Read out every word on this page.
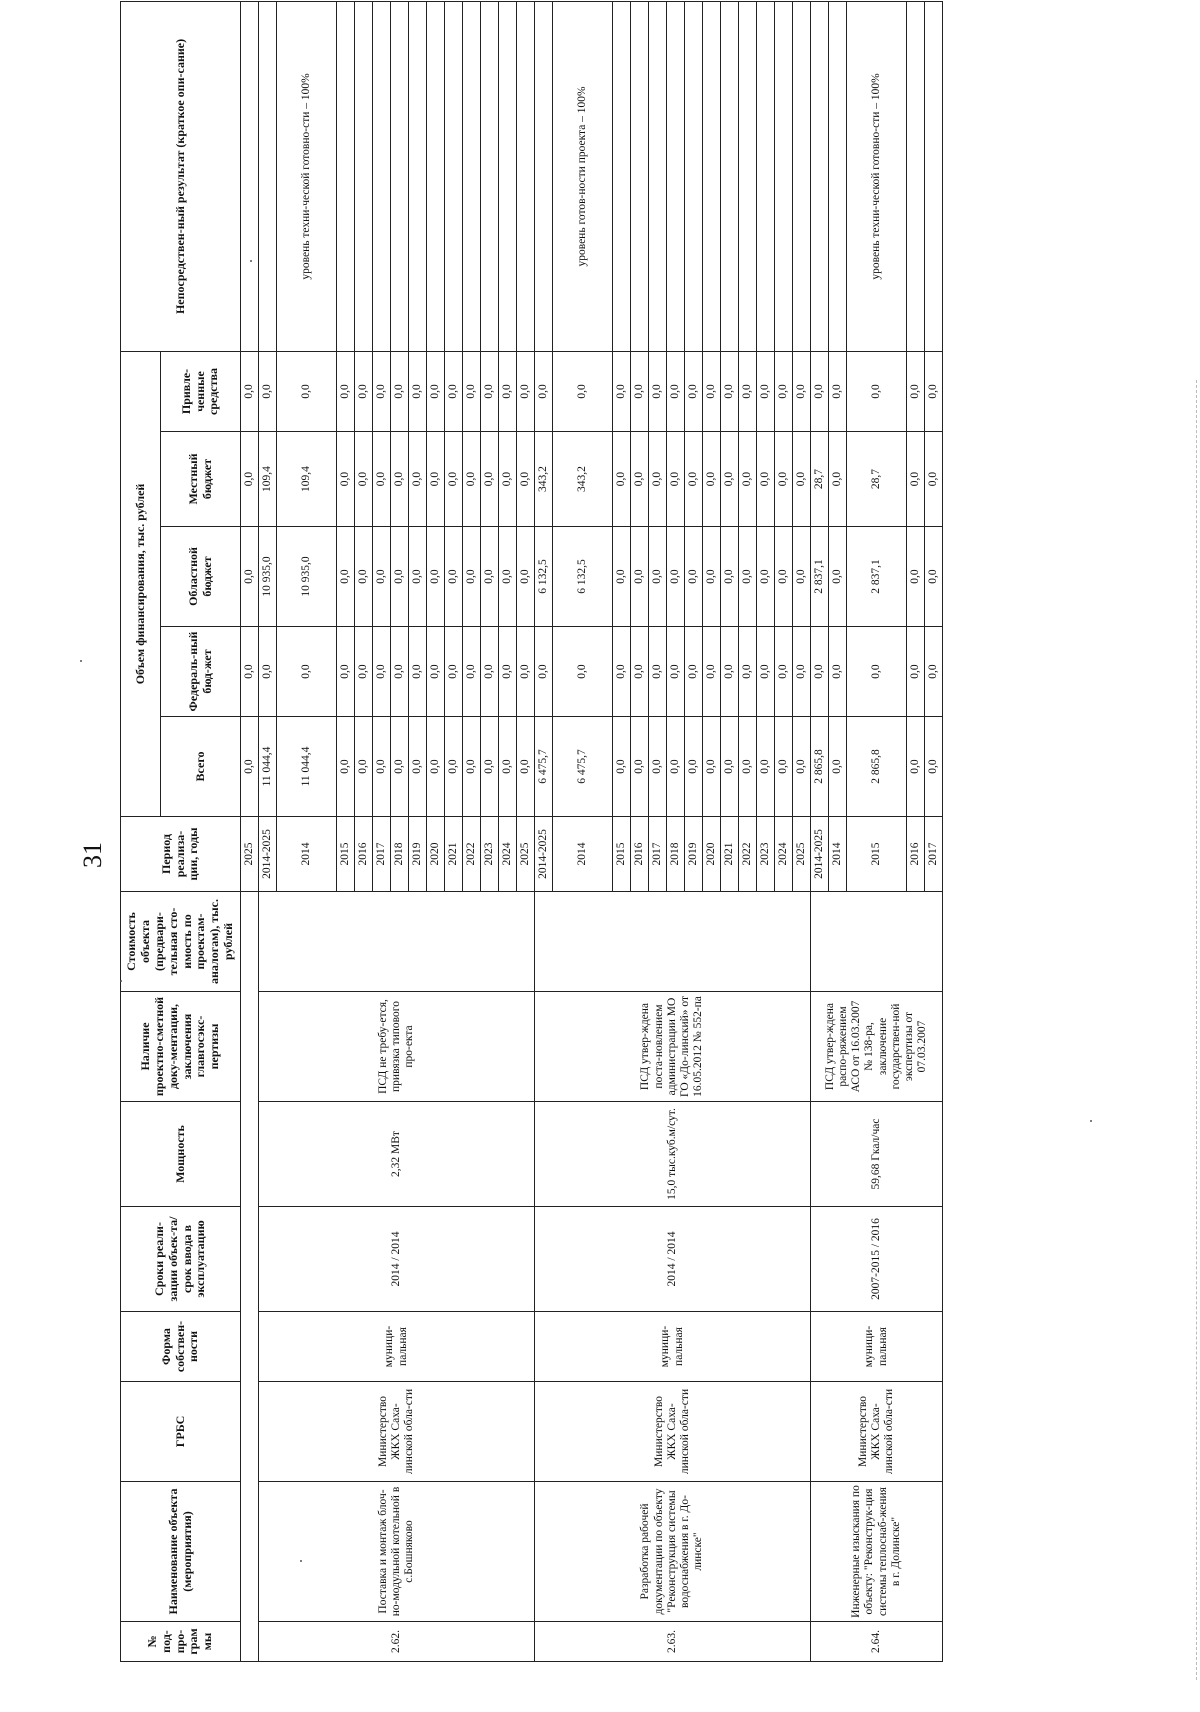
31
№ под-про-грам мы	Наименование объекта (мероприятия)	ГРБС	Форма собствен-ности	Сроки реали-зации объек-та/срок ввода в эксплуатацию	Мощность	Наличие проектно-сметной доку-ментации, заключения главгосэкс-пертизы	Стоимость объекта (предвари-тельная сто-имость по проектам-аналогам), тыс. рублей	Период реализа-ции, годы	Объем финансирования, тыс. рублей					Непосредствен-ный результат (краткое опи-сание)
									Всего	Федераль-ный бюд-жет	Областной бюджет	Местный бюджет	Привле-ченные средства	
								2025	0,0	0,0	0,0	0,0	0,0	
2.62.	Поставка и монтаж блоч-но-модульной котельной в с.Бошняково	Министерство ЖКХ Саха-линской обла-сти	муници-пальная	2014 / 2014	2,32 МВт	ПСД не требу-ется, привязка типового про-екта		2014-2025	11 044,4	0,0	10 935,0	109,4	0,0	
								2014	11 044,4	0,0	10 935,0	109,4	0,0	уровень техни-ческой готовно-сти – 100%
								2015	0,0	0,0	0,0	0,0	0,0	
								2016	0,0	0,0	0,0	0,0	0,0	
								2017	0,0	0,0	0,0	0,0	0,0	
								2018	0,0	0,0	0,0	0,0	0,0	
								2019	0,0	0,0	0,0	0,0	0,0	
								2020	0,0	0,0	0,0	0,0	0,0	
								2021	0,0	0,0	0,0	0,0	0,0	
								2022	0,0	0,0	0,0	0,0	0,0	
								2023	0,0	0,0	0,0	0,0	0,0	
								2024	0,0	0,0	0,0	0,0	0,0	
								2025	0,0	0,0	0,0	0,0	0,0	
2.63.	Разработка рабочей документации по объекту "Реконструкция системы водоснабжения в г. До-линске"	Министерство ЖКХ Саха-линской обла-сти	муници-пальная	2014 / 2014	15,0 тыс.куб.м/сут.	ПСД утвер-ждена поста-новлением администрации МО ГО «До-линский» от 16.05.2012 № 552-па		2014-2025	6 475,7	0,0	6 132,5	343,2	0,0	
								2014	6 475,7	0,0	6 132,5	343,2	0,0	уровень готов-ности проекта – 100%
								2015	0,0	0,0	0,0	0,0	0,0	
								2016	0,0	0,0	0,0	0,0	0,0	
								2017	0,0	0,0	0,0	0,0	0,0	
								2018	0,0	0,0	0,0	0,0	0,0	
								2019	0,0	0,0	0,0	0,0	0,0	
								2020	0,0	0,0	0,0	0,0	0,0	
								2021	0,0	0,0	0,0	0,0	0,0	
								2022	0,0	0,0	0,0	0,0	0,0	
								2023	0,0	0,0	0,0	0,0	0,0	
								2024	0,0	0,0	0,0	0,0	0,0	
								2025	0,0	0,0	0,0	0,0	0,0	
2.64.	Инженерные изыскания по объекту: "Реконструк-ция системы теплоснаб-жения в г. Долинске"	Министерство ЖКХ Саха-линской обла-сти	муници-пальная	2007-2015 / 2016	59,68 Гкал/час	ПСД утвер-ждена распо-ряжением АСО от 16.03.2007 № 138-ра, заключение государствен-ной экспертизы от 07.03.2007		2014-2025	2 865,8	0,0	2 837,1	28,7	0,0	
								2014	0,0	0,0	0,0	0,0	0,0	
								2015	2 865,8	0,0	2 837,1	28,7	0,0	уровень техни-ческой готовно-сти – 100%
								2016	0,0	0,0	0,0	0,0	0,0	
								2017	0,0	0,0	0,0	0,0	0,0	
